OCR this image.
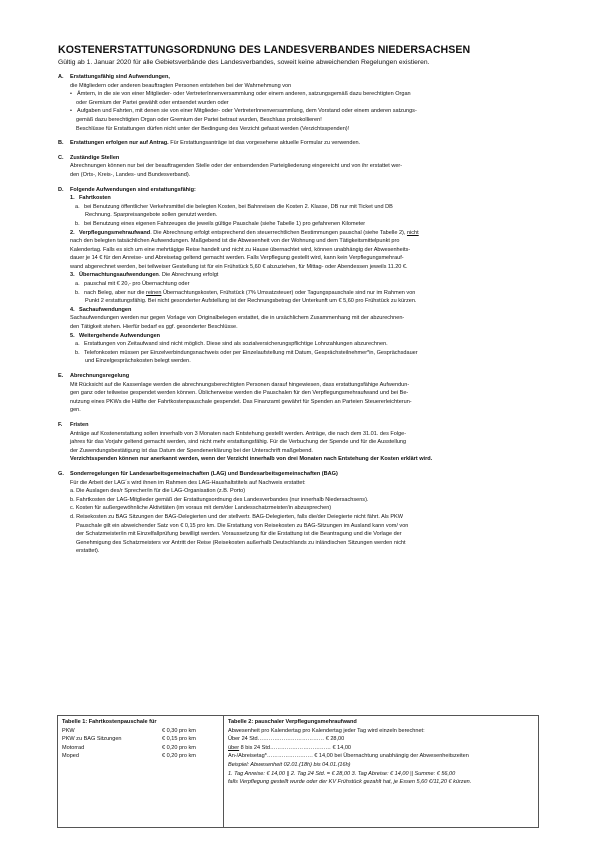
KOSTENERSTATTUNGSORDNUNG DES LANDESVERBANDES NIEDERSACHSEN
Gültig ab 1. Januar 2020 für alle Gebietsverbände des Landesverbandes, soweit keine abweichenden Regelungen existieren.
A.	Erstattungsfähig sind Aufwendungen,
die Mitgliedern oder anderen beauftragten Personen entstehen bei der Wahrnehmung von
• Ämtern, in die sie von einer Mitglieder- oder VertreterInnenversammlung oder einem anderen, satzungsgemäß dazu berechtigten Organ
oder Gremium der Partei gewählt oder entsendet wurden oder
• Aufgaben und Fahrten, mit denen sie von einer Mitglieder- oder VertreterInnenversammlung, dem Vorstand oder einem anderen satzungs-
gemäß dazu berechtigten Organ oder Gremium der Partei betraut wurden, Beschluss protokollieren!
Beschlüsse für Erstattungen dürfen nicht unter der Bedingung des Verzicht gefasst werden (Verzichtsspenden)!
B.	Erstattungen erfolgen nur auf Antrag. Für Erstattungsanträge ist das vorgesehene aktuelle Formular zu verwenden.
C.	Zuständige Stellen
Abrechnungen können nur bei der beauftragenden Stelle oder der entsendenden Parteigliederung eingereicht und von ihr erstattet wer-
den (Orts-, Kreis-, Landes- und Bundesverband).
D.	Folgende Aufwendungen sind erstattungsfähig:
1. Fahrtkosten
a. bei Benutzung öffentlicher Verkehrsmittel die belegten Kosten, bei Bahnreisen die Kosten 2. Klasse, DB nur mit Ticket und DB
Rechnung. Sparpreisangebote sollen genutzt werden.
b. bei Benutzung eines eigenen Fahrzeuges die jeweils gültige Pauschale (siehe Tabelle 1) pro gefahrenen Kilometer
2. Verpflegungsmehraufwand. Die Abrechnung erfolgt entsprechend den steuerrechtlichen Bestimmungen pauschal (siehe Tabelle 2), nicht
nach den belegten tatsächlichen Aufwendungen. Maßgebend ist die Abwesenheit von der Wohnung und dem Tätigkeitsmittelpunkt pro
Kalendertag. Falls es sich um eine mehrtägige Reise handelt und nicht zu Hause übernachtet wird, können unabhängig der Abwesenheits-
dauer je 14 € für den Anreise- und Abreisetag geltend gemacht werden. Falls Verpflegung gestellt wird, kann kein Verpflegungsmehrauf-
wand abgerechnet werden, bei teilweiser Gestellung ist für ein Frühstück 5,60 € abzuziehen, für Mittag- oder Abendessen jeweils 11.20 €.
3. Übernachtungsaufwendungen. Die Abrechnung erfolgt
a. pauschal mit € 20,- pro Übernachtung oder
b. nach Beleg, aber nur die reinen Übernachtungskosten, Frühstück (7% Umsatzsteuer) oder Tagungspauschale sind nur im Rahmen von
Punkt 2 erstattungsfähig. Bei nicht gesonderter Aufstellung ist der Rechnungsbetrag der Unterkunft um € 5,60 pro Frühstück zu kürzen.
4. Sachaufwendungen
Sachaufwendungen werden nur gegen Vorlage von Originalbelegen erstattet, die in ursächlichem Zusammenhang mit der abzurechnen-
den Tätigkeit stehen. Hierfür bedarf es ggf. gesonderter Beschlüsse.
5. Weitergehende Aufwendungen
a. Erstattungen von Zeitaufwand sind nicht möglich. Diese sind als sozialversicherungspflichtige Lohnzahlungen abzurechnen.
b. Telefonkosten müssen per Einzelverbindungsnachweis oder per Einzelaufstellung mit Datum, Gesprächsteilnehmer*in, Gesprächsdauer
und Einzelgesprächskosten belegt werden.
E.	Abrechnungsregelung
Mit Rücksicht auf die Kassenlage werden die abrechnungsberechtigten Personen darauf hingewiesen, dass erstattungsfähige Aufwendun-
gen ganz oder teilweise gespendet werden können. Üblicherweise werden die Pauschalen für den Verpflegungsmehraufwand und bei Be-
nutzung eines PKWs die Hälfte der Fahrtkostenpauschale gespendet. Das Finanzamt gewährt für Spenden an Parteien Steuererleichterun-
gen.
F.	Fristen
Anträge auf Kostenerstattung sollen innerhalb von 3 Monaten nach Entstehung gestellt werden. Anträge, die nach dem 31.01. des Folge-
jahres für das Vorjahr geltend gemacht werden, sind nicht mehr erstattungsfähig. Für die Verbuchung der Spende und für die Ausstellung
der Zuwendungsbestätigung ist das Datum der Spendenerklärung bei der Unterschrift maßgebend.
Verzichtsspenden können nur anerkannt werden, wenn der Verzicht innerhalb von drei Monaten nach Entstehung der Kosten erklärt wird.
G.	Sonderregelungen für Landesarbeitsgemeinschaften (LAG) und Bundesarbeitsgemeinschaften (BAG)
Für die Arbeit der LAG´s wird ihnen im Rahmen des LAG-Haushaltstitels auf Nachweis erstattet:
a. Die Auslagen des/r Sprecher/in für die LAG-Organisation (z.B. Porto)
b. Fahrtkosten der LAG-Mitglieder gemäß der Erstattungsordnung des Landesverbandes (nur innerhalb Niedersachsens).
c. Kosten für außergewöhnliche Aktivitäten (im voraus mit dem/der Landesschatzmeister/in abzusprechen)
d. Reisekosten zu BAG Sitzungen der BAG-Delegierten und der stellvertr. BAG-Delegierten, falls die/der Deiegierte nicht fährt. Als PKW
Pauschale gilt ein abweichender Satz von € 0,15 pro km. Die Erstattung von Reisekosten zu BAG-Sitzungen im Ausland kann vom/ von
der Schatzmeister/in mit Einzelfallprüfung bewilligt werden. Voraussetzung für die Erstattung ist die Beantragung und die Vorlage der
Genehmigung des Schatzmeisters vor Antritt der Reise (Reisekosten außerhalb Deutschlands zu inländischen Sitzungen werden nicht
erstattet).
Tabelle 1: Fahrtkostenpauschale für
PKW	€ 0,30 pro km
PKW zu BAG Sitzungen	€ 0,15 pro km
Motorrad	€ 0,20 pro km
Moped	€ 0,20 pro km
Tabelle 2: pauschaler Verpflegungsmehraufwand
Abwesenheit pro Kalendertag pro Kalendertag jeder Tag wird einzeln berechnet:
Über 24 Std……………………………… € 28,00
über 8 bis 24 Std…………………………… € 14,00
An-/Abreisetag*……………………. € 14,00 bei Übernachtung unabhängig der Abwesenheitszeiten
Beispiel: Abwesenheit 02.01.(18h) bis 04.01.(16h)
1. Tag Anreise: € 14,00 || 2. Tag 24 Std. = € 28,00 3. Tag Abreise: € 14,00 || Summe: € 56,00
falls Verpflegung gestellt wurde oder der KV Frühstück gezahlt hat, je Essen 5,60 €/11,20 € kürzen.
